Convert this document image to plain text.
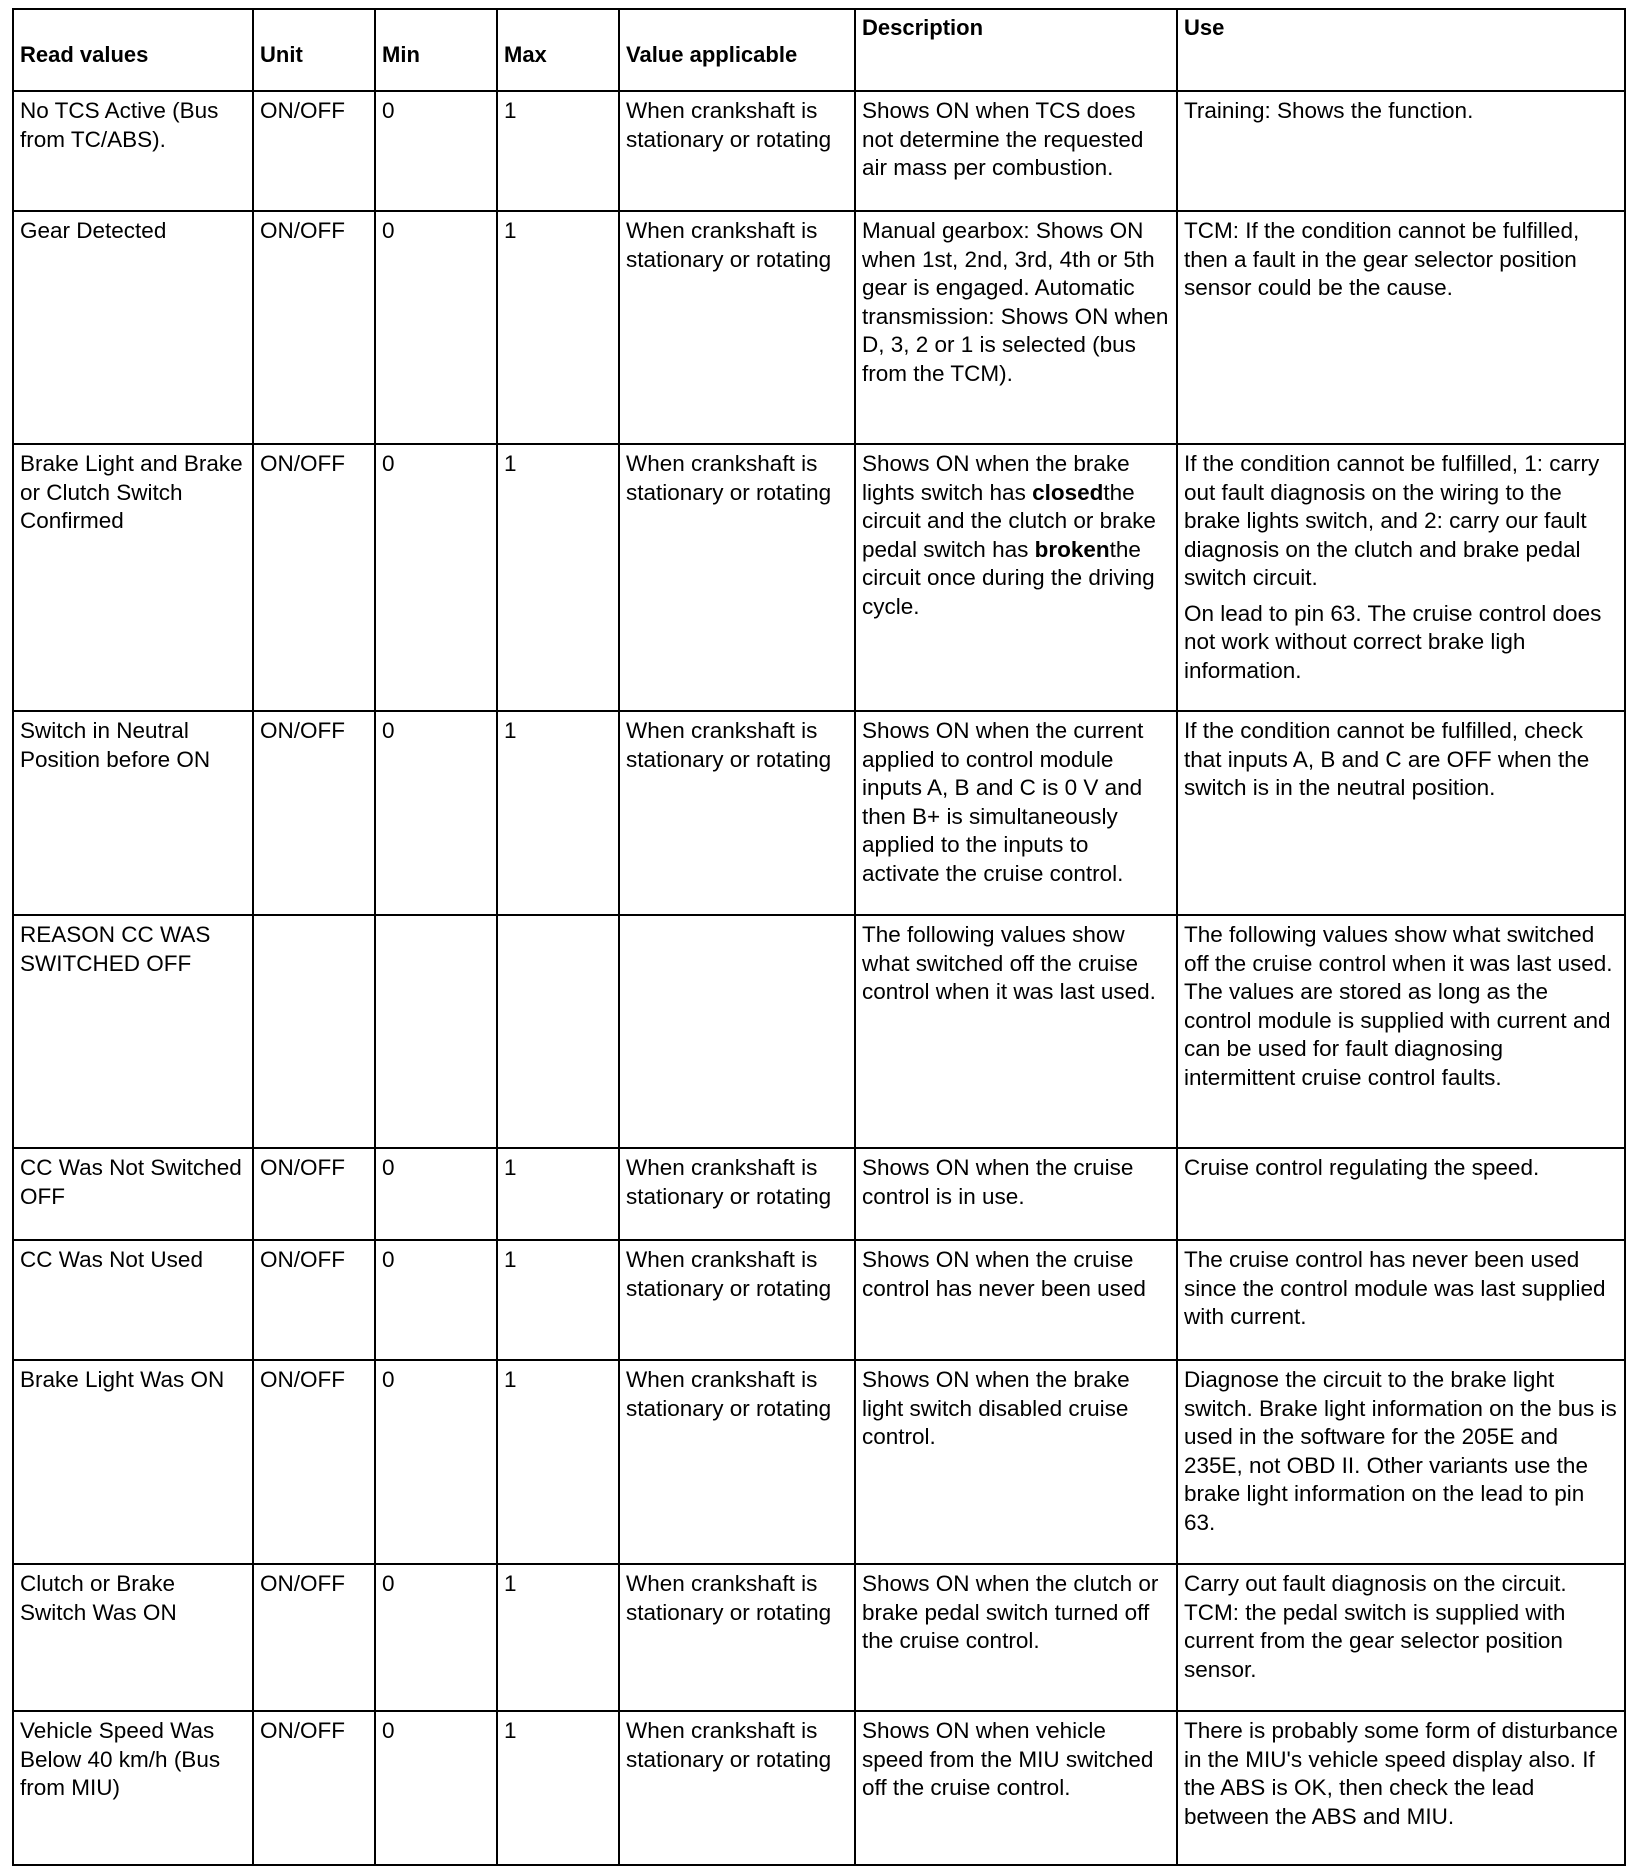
Read values	Unit	Min	Max	Value applicable	Description	Use
No TCS Active (Bus from TC/ABS).	ON/OFF	0	1	When crankshaft is stationary or rotating	Shows ON when TCS does not determine the requested air mass per combustion.	Training: Shows the function.
Gear Detected	ON/OFF	0	1	When crankshaft is stationary or rotating	Manual gearbox: Shows ON when 1st, 2nd, 3rd, 4th or 5th gear is engaged. Automatic transmission: Shows ON when D, 3, 2 or 1 is selected (bus from the TCM).	TCM: If the condition cannot be fulfilled, then a fault in the gear selector position sensor could be the cause.
Brake Light and Brake or Clutch Switch Confirmed	ON/OFF	0	1	When crankshaft is stationary or rotating	Shows ON when the brake lights switch has closedthe circuit and the clutch or brake pedal switch has brokenthe circuit once during the driving cycle.	If the condition cannot be fulfilled, 1: carry out fault diagnosis on the wiring to the brake lights switch, and 2: carry our fault diagnosis on the clutch and brake pedal switch circuit.
On lead to pin 63. The cruise control does not work without correct brake ligh information.

Switch in Neutral Position before ON	ON/OFF	0	1	When crankshaft is stationary or rotating	Shows ON when the current applied to control module inputs A, B and C is 0 V and then B+ is simultaneously applied to the inputs to activate the cruise control.	If the condition cannot be fulfilled, check that inputs A, B and C are OFF when the switch is in the neutral position.
REASON CC WAS SWITCHED OFF					The following values show what switched off the cruise control when it was last used.	The following values show what switched off the cruise control when it was last used. The values are stored as long as the control module is supplied with current and can be used for fault diagnosing intermittent cruise control faults.
CC Was Not Switched OFF	ON/OFF	0	1	When crankshaft is stationary or rotating	Shows ON when the cruise control is in use.	Cruise control regulating the speed.
CC Was Not Used	ON/OFF	0	1	When crankshaft is stationary or rotating	Shows ON when the cruise control has never been used	The cruise control has never been used since the control module was last supplied with current.
Brake Light Was ON	ON/OFF	0	1	When crankshaft is stationary or rotating	Shows ON when the brake light switch disabled cruise control.	Diagnose the circuit to the brake light switch. Brake light information on the bus is used in the software for the 205E and 235E, not OBD II. Other variants use the brake light information on the lead to pin 63.
Clutch or Brake Switch Was ON	ON/OFF	0	1	When crankshaft is stationary or rotating	Shows ON when the clutch or brake pedal switch turned off the cruise control.	Carry out fault diagnosis on the circuit. TCM: the pedal switch is supplied with current from the gear selector position sensor.
Vehicle Speed Was Below 40 km/h (Bus from MIU)	ON/OFF	0	1	When crankshaft is stationary or rotating	Shows ON when vehicle speed from the MIU switched off the cruise control.	There is probably some form of disturbance in the MIU's vehicle speed display also. If the ABS is OK, then check the lead between the ABS and MIU.
